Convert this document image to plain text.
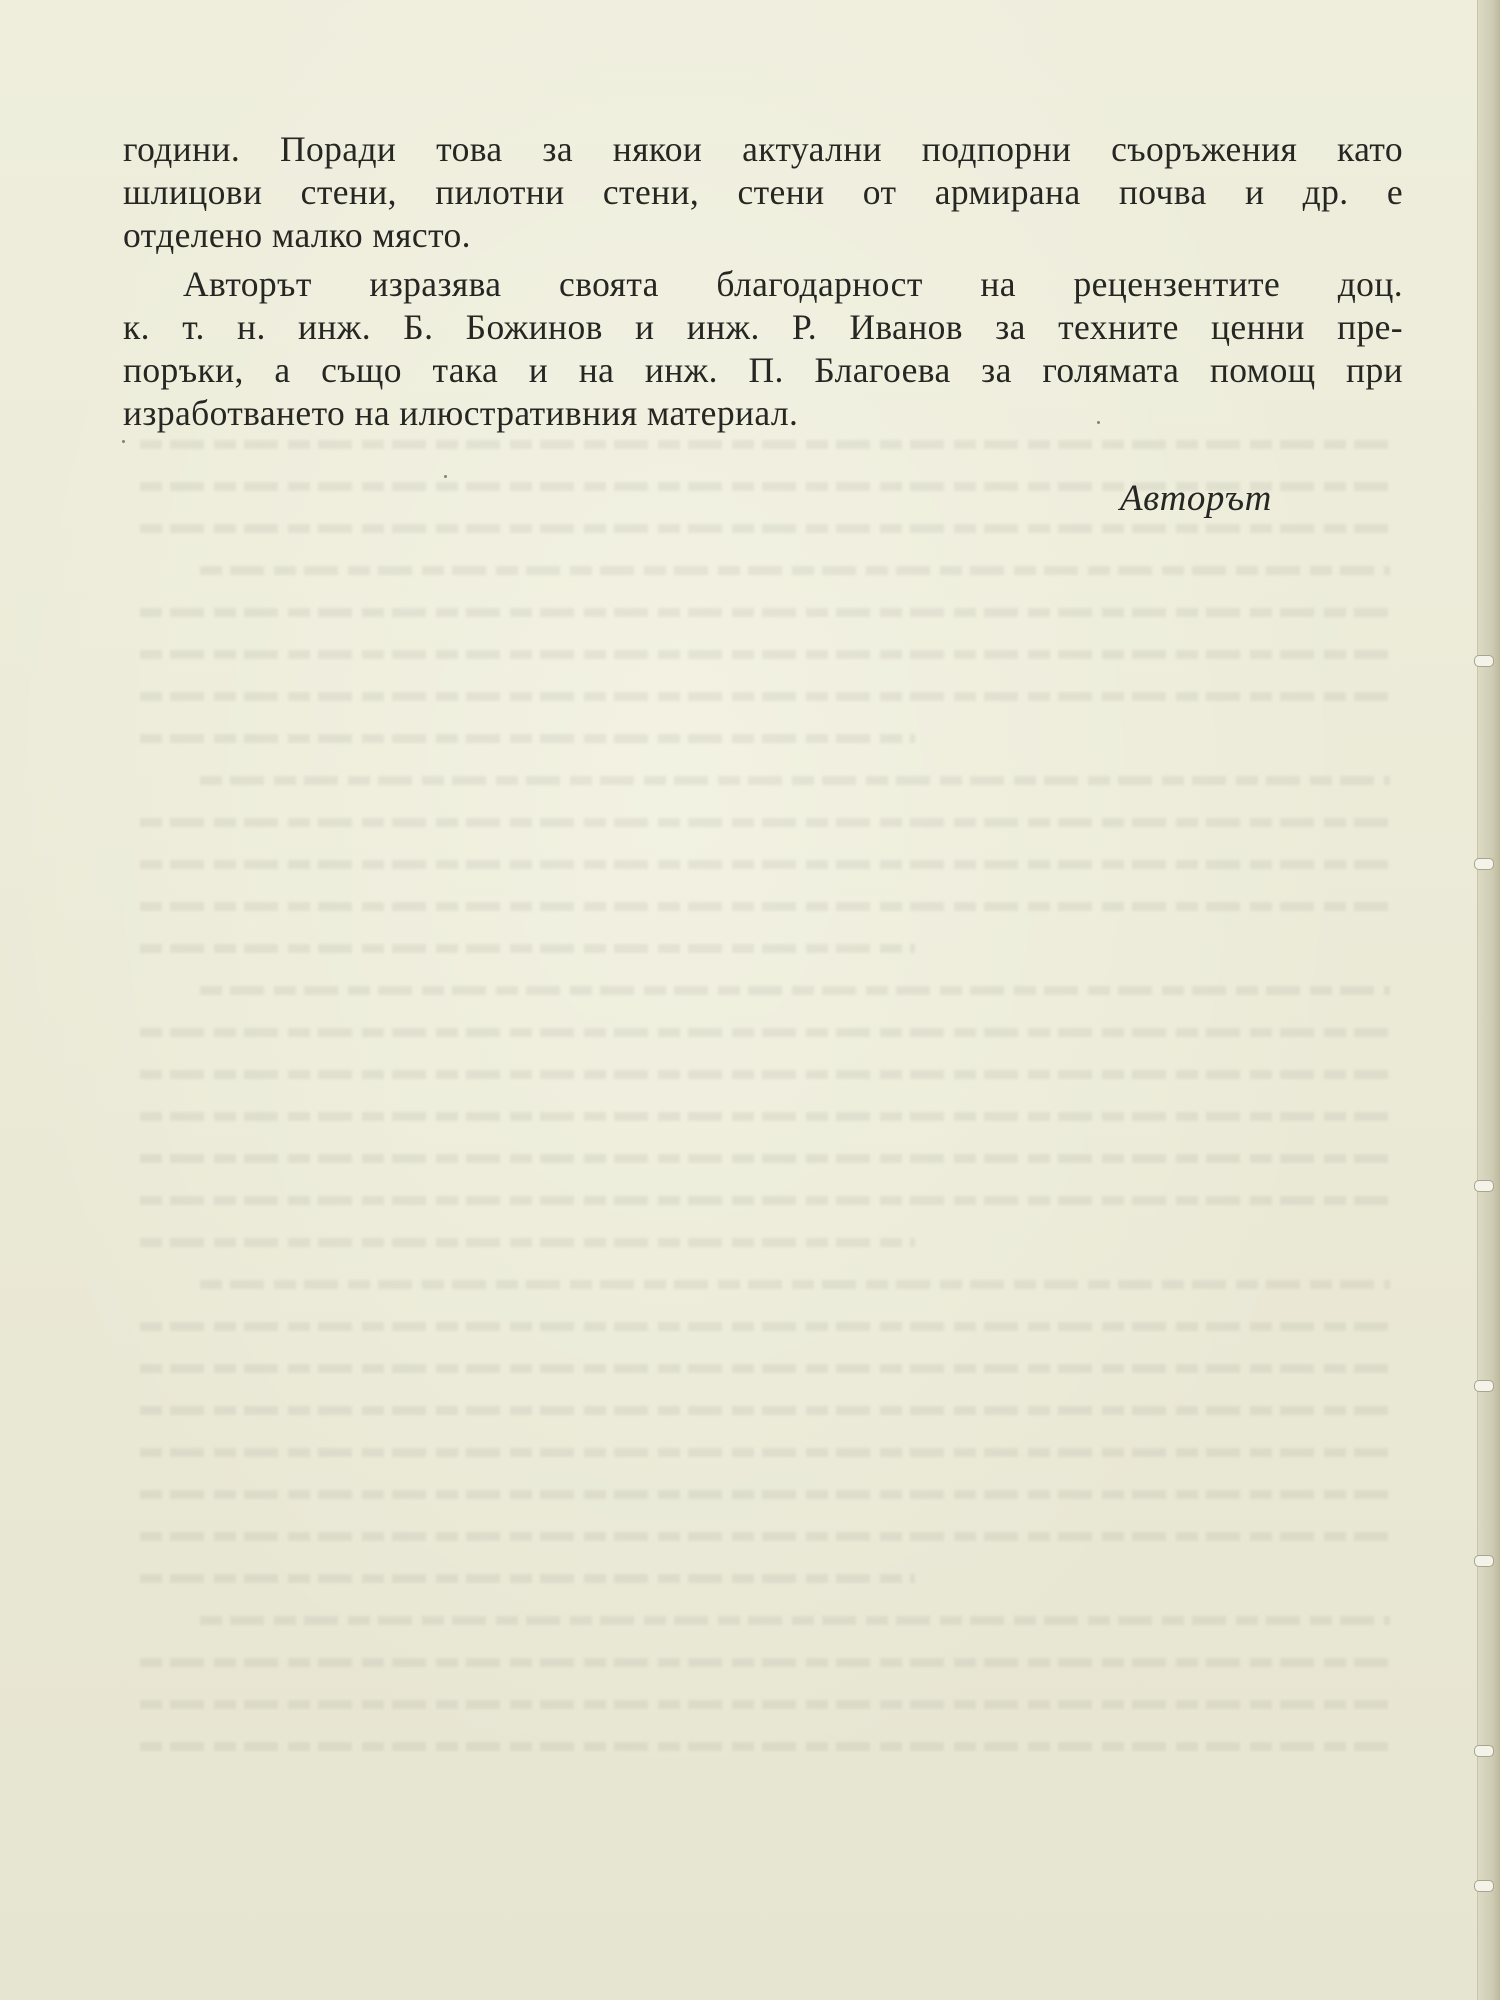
години. Поради това за някои актуални подпорни съоръжения като
шлицови стени, пилотни стени, стени от армирана почва и др. е
отделено малко място.
Авторът изразява своята благодарност на рецензентите доц.
к. т. н. инж. Б. Божинов и инж. Р. Иванов за техните ценни пре-
поръки, а също така и на инж. П. Благоева за голямата помощ при
изработването на илюстративния материал.
Авторът
